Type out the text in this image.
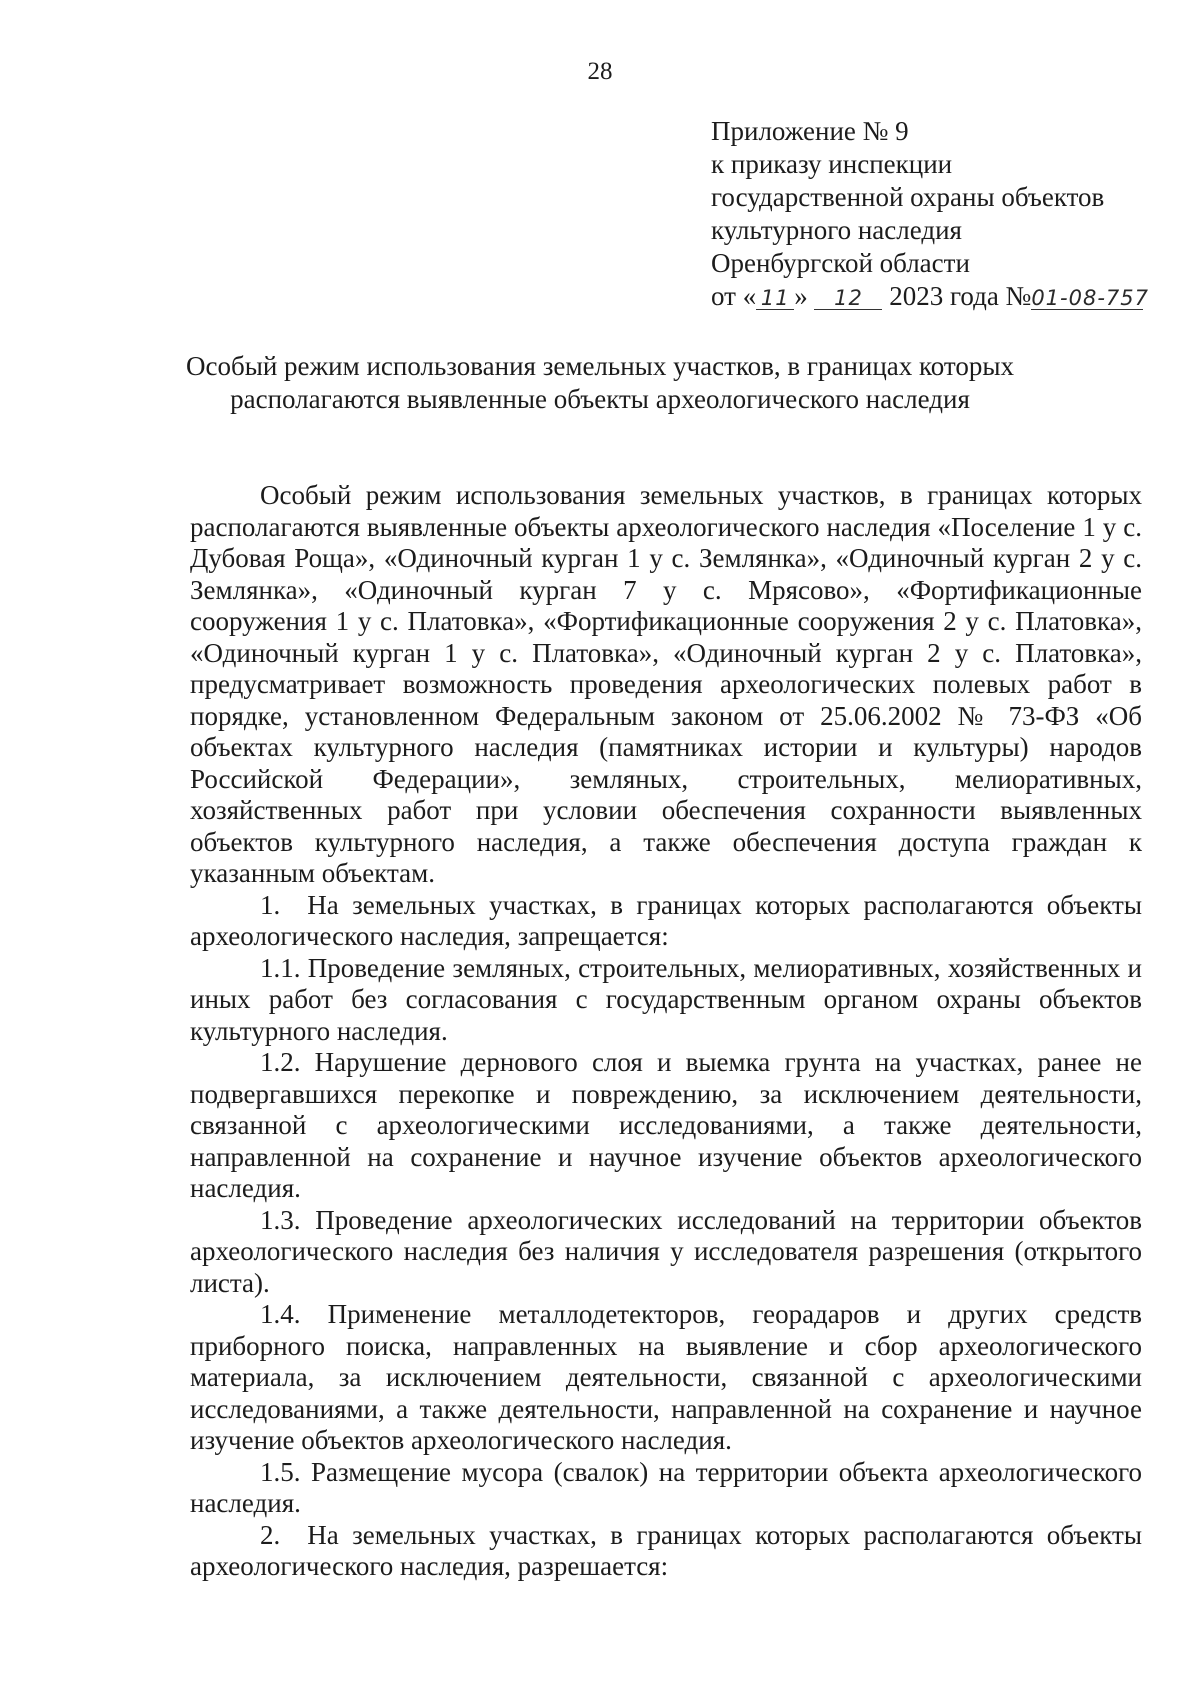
28
Приложение № 9
к приказу инспекции
государственной охраны объектов
культурного наследия
Оренбургской области
от « 11 » 12 2023 года №01-08-757
Особый режим использования земельных участков, в границах которых
располагаются выявленные объекты археологического наследия

Особый режим использования земельных участков, в границах которых располагаются выявленные объекты археологического наследия «Поселение 1 у с. Дубовая Роща», «Одиночный курган 1 у с. Землянка», «Одиночный курган 2 у с. Землянка», «Одиночный курган 7 у с. Мрясово», «Фортификационные сооружения 1 у с. Платовка», «Фортификационные сооружения 2 у с. Платовка», «Одиночный курган 1 у с. Платовка», «Одиночный курган 2 у с. Платовка», предусматривает возможность проведения археологических полевых работ в порядке, установленном Федеральным законом от 25.06.2002 № 73-ФЗ «Об объектах культурного наследия (памятниках истории и культуры) народов Российской Федерации», земляных, строительных, мелиоративных, хозяйственных работ при условии обеспечения сохранности выявленных объектов культурного наследия, а также обеспечения доступа граждан к указанным объектам.

1. На земельных участках, в границах которых располагаются объекты археологического наследия, запрещается:

1.1. Проведение земляных, строительных, мелиоративных, хозяйственных и иных работ без согласования с государственным органом охраны объектов культурного наследия.

1.2. Нарушение дернового слоя и выемка грунта на участках, ранее не подвергавшихся перекопке и повреждению, за исключением деятельности, связанной с археологическими исследованиями, а также деятельности, направленной на сохранение и научное изучение объектов археологического наследия.

1.3. Проведение археологических исследований на территории объектов археологического наследия без наличия у исследователя разрешения (открытого листа).

1.4. Применение металлодетекторов, георадаров и других средств приборного поиска, направленных на выявление и сбор археологического материала, за исключением деятельности, связанной с археологическими исследованиями, а также деятельности, направленной на сохранение и научное изучение объектов археологического наследия.

1.5. Размещение мусора (свалок) на территории объекта археологического наследия.

2. На земельных участках, в границах которых располагаются объекты археологического наследия, разрешается:
